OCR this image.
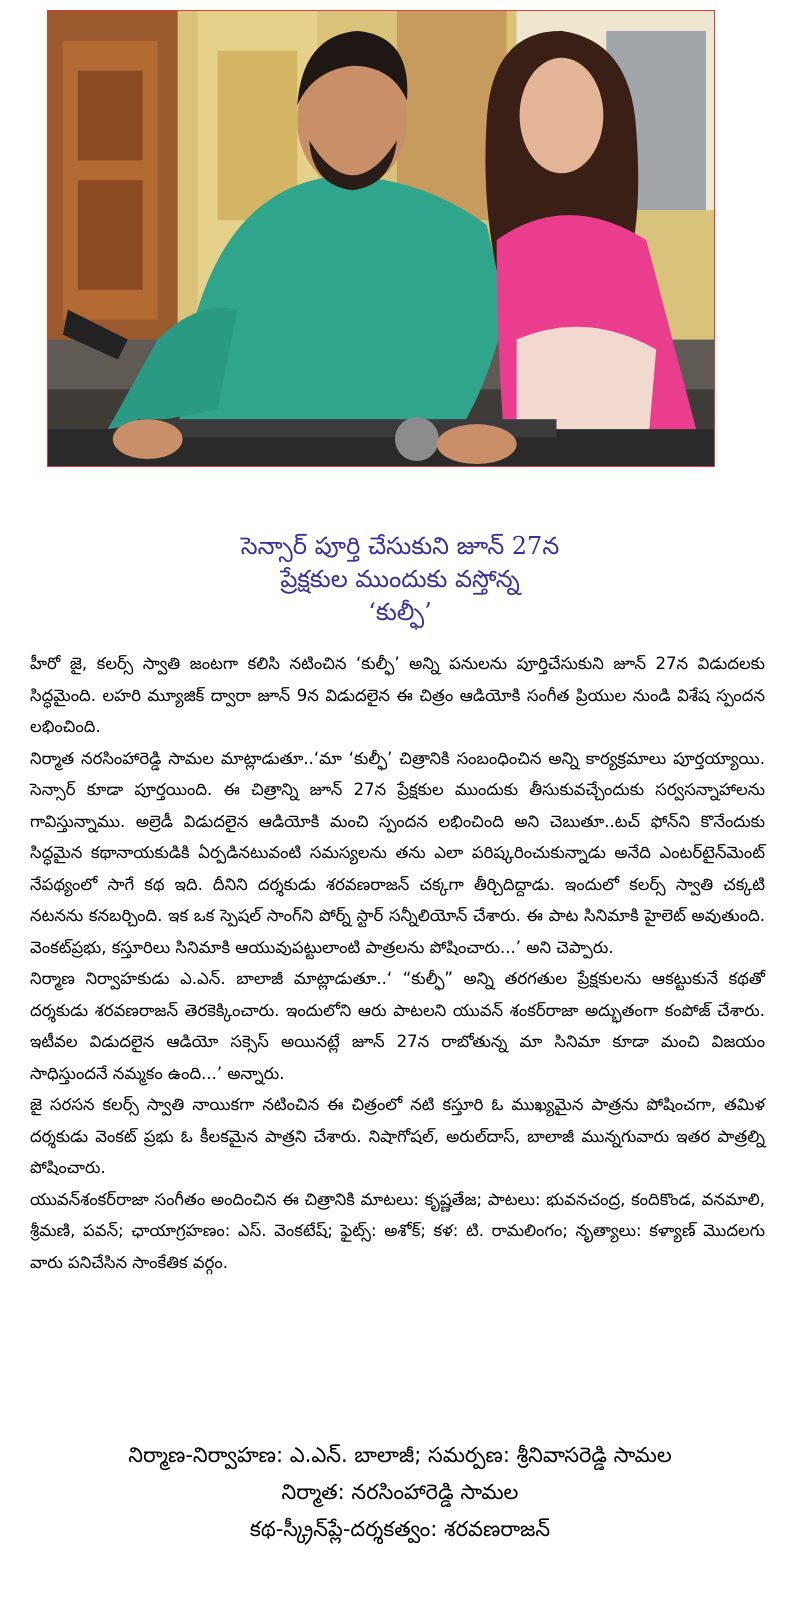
సెన్సార్ పూర్తి చేసుకుని జూన్ 27న
ప్రేక్షకుల ముందుకు వస్తోన్న
‘కుల్ఫీ’

హీరో జై, కలర్స్ స్వాతి జంటగా కలిసి నటించిన ‘కుల్ఫీ’ అన్ని పనులను పూర్తిచేసుకుని జూన్ 27న విడుదలకు సిద్ధమైంది. లహరి మ్యూజిక్ ద్వారా జూన్ 9న విడుదలైన ఈ చిత్రం ఆడియోకి సంగీత ప్రియుల నుండి విశేష స్పందన లభించింది.

నిర్మాత నరసింహారెడ్డి సామల మాట్లాడుతూ..‘మా ‘కుల్ఫీ’ చిత్రానికి సంబంధించిన అన్ని కార్యక్రమాలు పూర్తయ్యాయి. సెన్సార్ కూడా పూర్తయింది. ఈ చిత్రాన్ని జూన్ 27న ప్రేక్షకుల ముందుకు తీసుకువచ్చేందుకు సర్వసన్నాహాలను గావిస్తున్నాము. అల్రెడీ విడుదలైన ఆడియోకి మంచి స్పందన లభించింది అని చెబుతూ..టచ్ ఫోన్‌ని కొనేందుకు సిద్ధమైన కథానాయకుడికి ఏర్పడినటువంటి సమస్యలను తను ఎలా పరిష్కరించుకున్నాడు అనేది ఎంటర్‌టైన్‌మెంట్ నేపథ్యంలో సాగే కథ ఇది. దీనిని దర్శకుడు శరవణరాజన్ చక్కగా తీర్చిదిద్దాడు. ఇందులో కలర్స్ స్వాతి చక్కటి నటనను కనబర్చింది. ఇక ఒక స్పెషల్ సాంగ్‌ని పోర్న్ స్టార్ సన్నీలియోన్ చేశారు. ఈ పాట సినిమాకి హైలెట్ అవుతుంది. వెంకట్‌ప్రభు, కస్తూరిలు సినిమాకి ఆయువుపట్టులాంటి పాత్రలను పోషించారు...’ అని చెప్పారు.

నిర్మాణ నిర్వాహకుడు ఎ.ఎన్. బాలాజీ మాట్లాడుతూ..‘ “కుల్ఫీ” అన్ని తరగతుల ప్రేక్షకులను ఆకట్టుకునే కథతో దర్శకుడు శరవణరాజన్ తెరకెక్కించారు. ఇందులోని ఆరు పాటలని యువన్ శంకర్‌రాజా అద్భుతంగా కంపోజ్ చేశారు. ఇటీవల విడుదలైన ఆడియో సక్సెస్ అయినట్లే జూన్ 27న రాబోతున్న మా సినిమా కూడా మంచి విజయం సాధిస్తుందనే నమ్మకం ఉంది...’ అన్నారు.

జై సరసన కలర్స్ స్వాతి నాయికగా నటించిన ఈ చిత్రంలో నటి కస్తూరి ఓ ముఖ్యమైన పాత్రను పోషించగా, తమిళ దర్శకుడు వెంకట్ ప్రభు ఓ కీలకమైన పాత్రని చేశారు. నిషాగోషల్, అరుల్‌దాస్, బాలాజీ మున్నగువారు ఇతర పాత్రల్ని పోషించారు.

యువన్‌శంకర్‌రాజా సంగీతం అందించిన ఈ చిత్రానికి మాటలు: కృష్ణతేజ; పాటలు: భువనచంద్ర, కందికొండ, వనమాలి, శ్రీమణి, పవన్; ఛాయాగ్రహణం: ఎస్. వెంకటేష్; ఫైట్స్: అశోక్; కళ: టి. రామలింగం; నృత్యాలు: కళ్యాణ్ మొదలగు వారు పనిచేసిన సాంకేతిక వర్గం.

నిర్మాణ-నిర్వాహణ: ఎ.ఎన్. బాలాజీ; సమర్పణ: శ్రీనివాసరెడ్డి సామల
నిర్మాత: నరసింహారెడ్డి సామల
కథ-స్క్రీన్‌ప్లే-దర్శకత్వం: శరవణరాజన్
